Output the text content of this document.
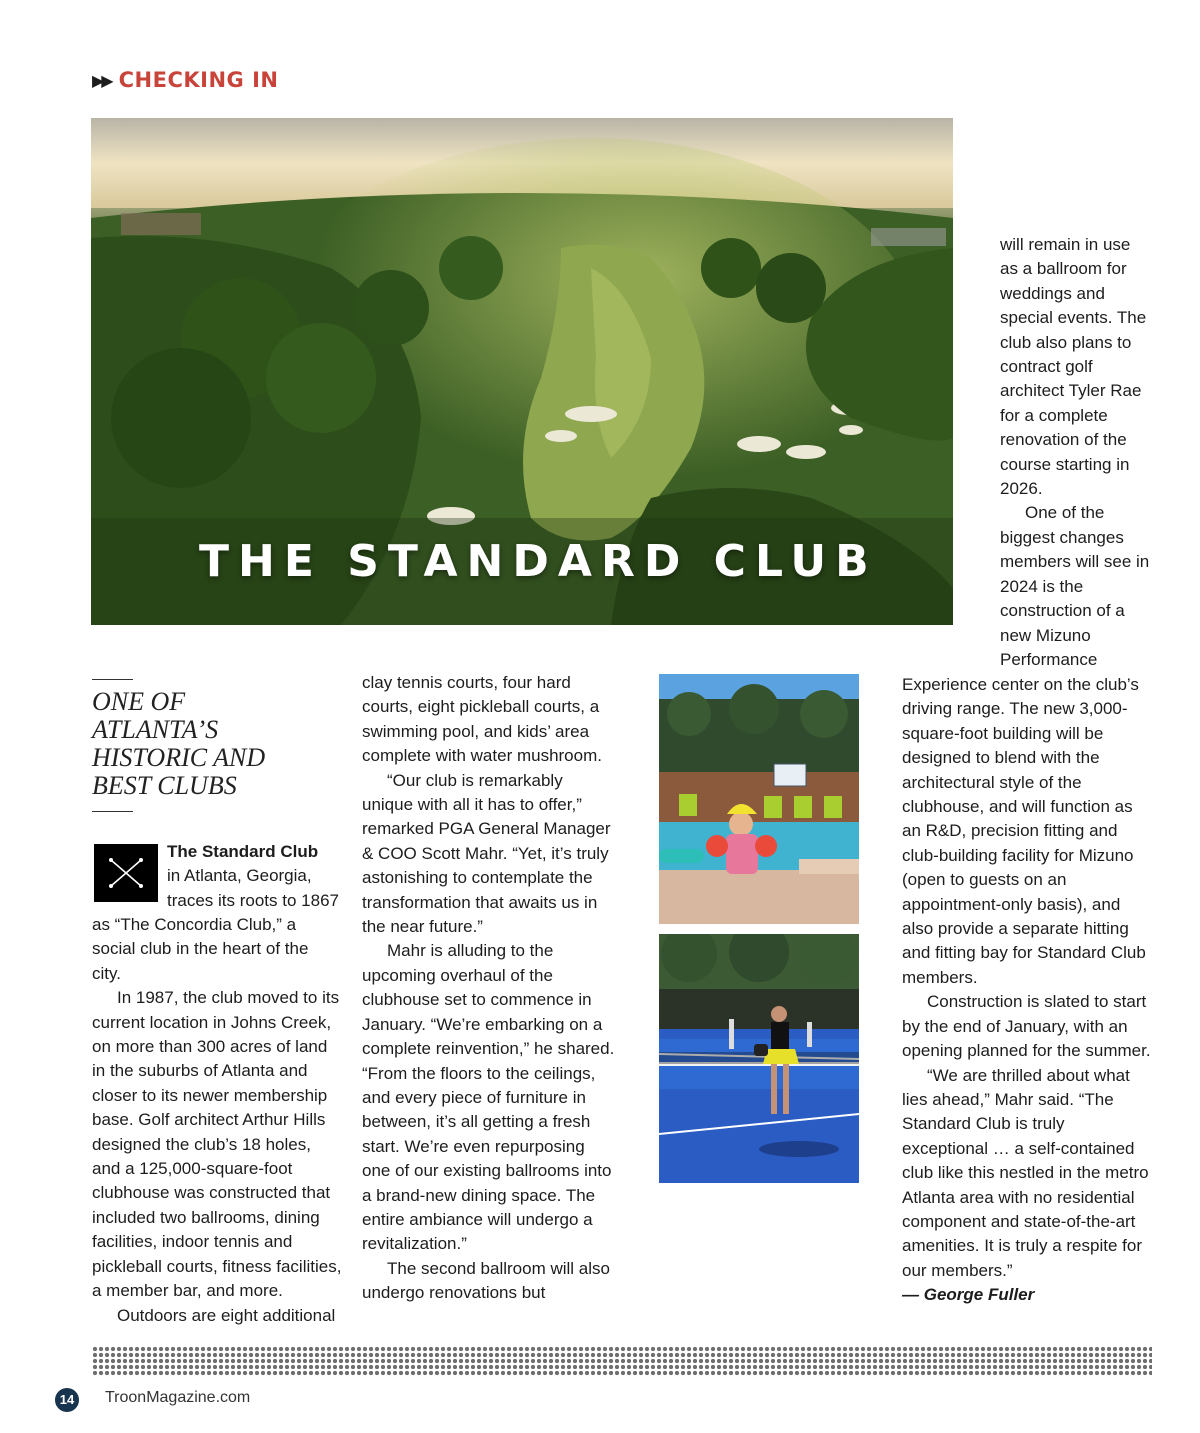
▶▶ CHECKING IN
THE STANDARD CLUB
ONE OF
ATLANTA’S
HISTORIC AND
BEST CLUBS
The Standard Club
in Atlanta, Georgia,
traces its roots to 1867

as “The Concordia Club,” a social club in the heart of the city.

In 1987, the club moved to its current location in Johns Creek, on more than 300 acres of land in the suburbs of Atlanta and closer to its newer membership base. Golf architect Arthur Hills designed the club’s 18 holes, and a 125,000-square-foot clubhouse was constructed that included two ballrooms, dining facilities, indoor tennis and pickleball courts, fitness facilities, a member bar, and more.

Outdoors are eight additional

clay tennis courts, four hard courts, eight pickleball courts, a swimming pool, and kids’ area complete with water mushroom.

“Our club is remarkably unique with all it has to offer,” remarked PGA General Manager & COO Scott Mahr. “Yet, it’s truly astonishing to contemplate the transformation that awaits us in the near future.”

Mahr is alluding to the upcoming overhaul of the clubhouse set to commence in January. “We’re embarking on a complete reinvention,” he shared. “From the floors to the ceilings, and every piece of furniture in between, it’s all getting a fresh start. We’re even repurposing one of our existing ballrooms into a brand-new dining space. The entire ambiance will undergo a revitalization.”

The second ballroom will also undergo renovations but

will remain in use as a ballroom for weddings and special events. The club also plans to contract golf architect Tyler Rae for a complete renovation of the course starting in 2026.

One of the biggest changes members will see in 2024 is the construction of a new Mizuno Performance

Experience center on the club’s driving range. The new 3,000-square-foot building will be designed to blend with the architectural style of the clubhouse, and will function as an R&D, precision fitting and club-building facility for Mizuno (open to guests on an appointment-only basis), and also provide a separate hitting and fitting bay for Standard Club members.

Construction is slated to start by the end of January, with an opening planned for the summer.

“We are thrilled about what lies ahead,” Mahr said. “The Standard Club is truly exceptional … a self-contained club like this nestled in the metro Atlanta area with no residential component and state-of-the-art amenities. It is truly a respite for our members.”

— George Fuller

14 TroonMagazine.com
